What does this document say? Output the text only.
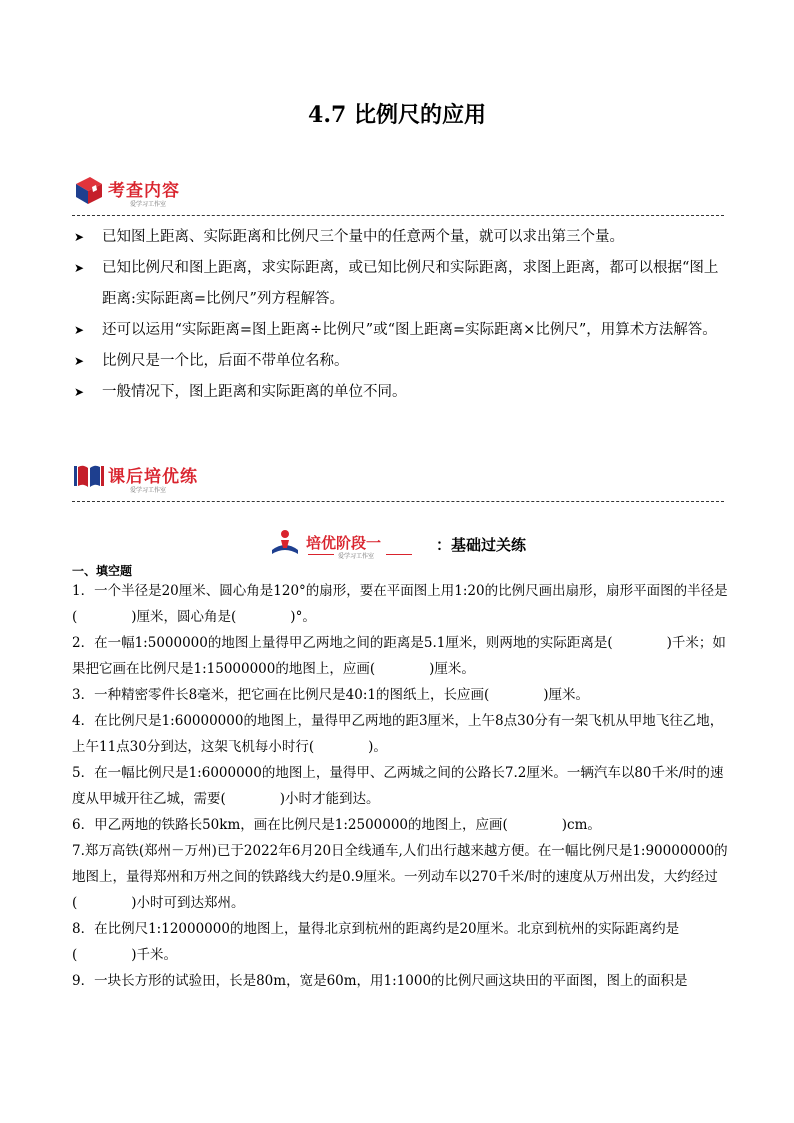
4.7 比例尺的应用
考查内容
爱学习工作室
➤ 已知图上距离、实际距离和比例尺三个量中的任意两个量，就可以求出第三个量。
➤ 已知比例尺和图上距离，求实际距离，或已知比例尺和实际距离，求图上距离，都可以根据“图上距离:实际距离=比例尺”列方程解答。
➤ 还可以运用“实际距离=图上距离÷比例尺”或“图上距离=实际距离×比例尺”，用算术方法解答。
➤ 比例尺是一个比，后面不带单位名称。
➤ 一般情况下，图上距离和实际距离的单位不同。
课后培优练
爱学习工作室
培优阶段一
爱学习工作室
：基础过关练
一、填空题
1．一个半径是20厘米、圆心角是120°的扇形，要在平面图上用1:20的比例尺画出扇形，扇形平面图的半径是(　　　　)厘米，圆心角是(　　　　)°。
2．在一幅1:5000000的地图上量得甲乙两地之间的距离是5.1厘米，则两地的实际距离是(　　　　)千米；如果把它画在比例尺是1:15000000的地图上，应画(　　　　)厘米。
3．一种精密零件长8毫米，把它画在比例尺是40:1的图纸上，长应画(　　　　)厘米。
4．在比例尺是1:60000000的地图上，量得甲乙两地的距3厘米，上午8点30分有一架飞机从甲地飞往乙地，上午11点30分到达，这架飞机每小时行(　　　　)。
5．在一幅比例尺是1:6000000的地图上，量得甲、乙两城之间的公路长7.2厘米。一辆汽车以80千米/时的速度从甲城开往乙城，需要(　　　　)小时才能到达。
6．甲乙两地的铁路长50km，画在比例尺是1:2500000的地图上，应画(　　　　)cm。
7.郑万高铁(郑州－万州)已于2022年6月20日全线通车,人们出行越来越方便。在一幅比例尺是1:90000000的地图上，量得郑州和万州之间的铁路线大约是0.9厘米。一列动车以270千米/时的速度从万州出发，大约经过(　　　　)小时可到达郑州。
8．在比例尺1:12000000的地图上，量得北京到杭州的距离约是20厘米。北京到杭州的实际距离约是(　　　　)千米。
9．一块长方形的试验田，长是80m，宽是60m，用1:1000的比例尺画这块田的平面图，图上的面积是
